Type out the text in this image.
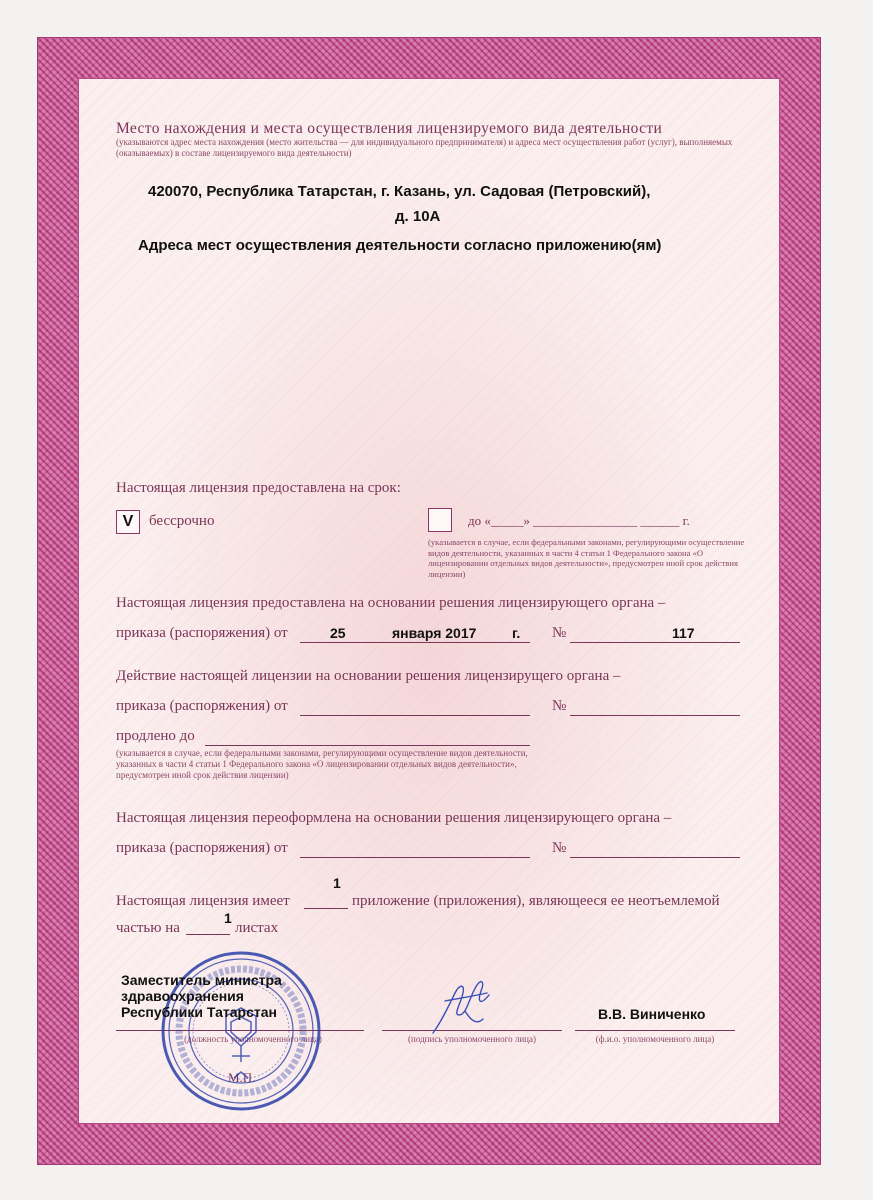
Место нахождения и места осуществления лицензируемого вида деятельности
(указываются адрес места нахождения (место жительства — для индивидуального предпринимателя) и адреса мест осуществления работ (услуг), выполняемых (оказываемых) в составе лицензируемого вида деятельности)
420070, Республика Татарстан, г. Казань, ул. Садовая (Петровский),
д. 10А
Адреса мест осуществления деятельности согласно приложению(ям)
Настоящая лицензия предоставлена на срок:
V	бессрочно	до «_____» ________________ ______ г.
(указывается в случае, если федеральными законами, регулирующими осуществление видов деятельности, указанных в части 4 статьи 1 Федерального закона «О лицензировании отдельных видов деятельности», предусмотрен иной срок действия лицензии)
Настоящая лицензия предоставлена на основании решения лицензирующего органа –
приказа (распоряжения) от	25	января 2017	г. №	117
Действие настоящей лицензии на основании решения лицензирущего органа –
приказа (распоряжения) от	№
продлено до
(указывается в случае, если федеральными законами, регулирующими осуществление видов деятельности, указанных в части 4 статьи 1 Федерального закона «О лицензировании отдельных видов деятельности», предусмотрен иной срок действия лицензии)
Настоящая лицензия переоформлена на основании решения лицензирующего органа –
приказа (распоряжения) от	№
Настоящая лицензия имеет
1
приложение (приложения), являющееся ее неотъемлемой
частью на
1
листах
(должность уполномоченного лица)	(подпись уполномоченного лица)	(ф.и.о. уполномоченного лица)
М.П.
Заместитель министра
здравоохранения
Республики Татарстан	В.В. Виниченко
